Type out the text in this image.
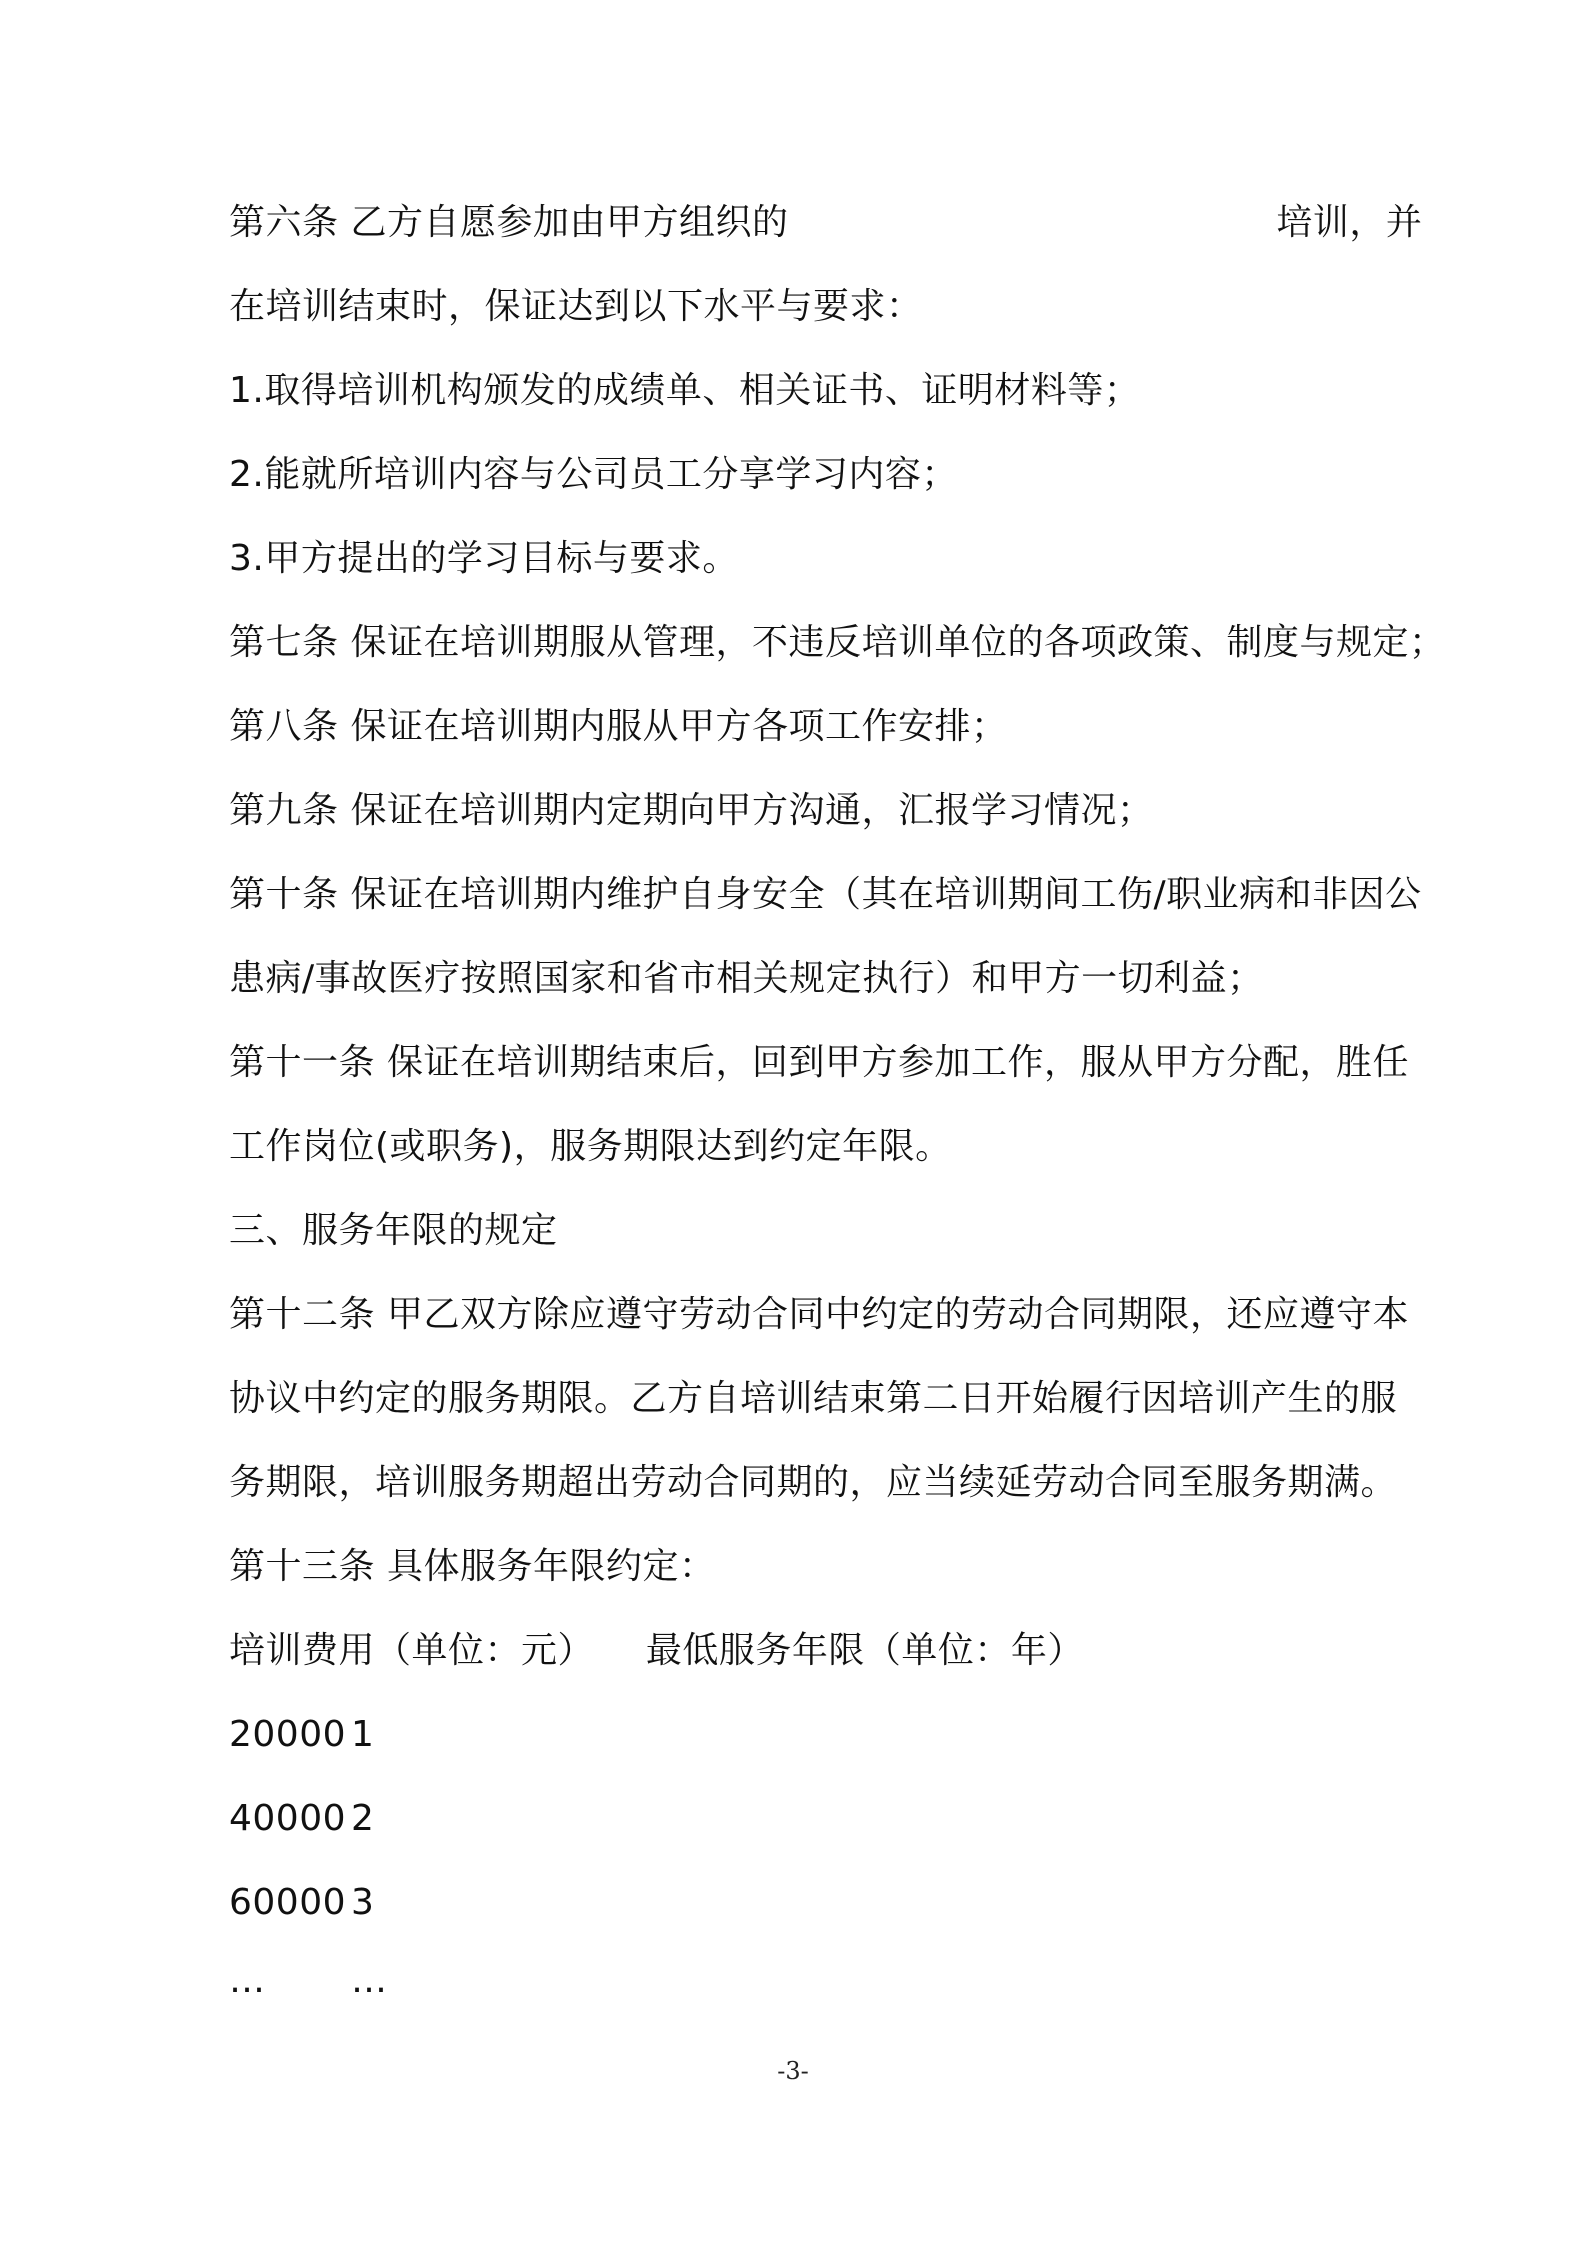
第六条 乙方自愿参加由甲方组织的	培训，并
在培训结束时，保证达到以下水平与要求：
1.取得培训机构颁发的成绩单、相关证书、证明材料等；
2.能就所培训内容与公司员工分享学习内容；
3.甲方提出的学习目标与要求。
第七条 保证在培训期服从管理，不违反培训单位的各项政策、制度与规定；
第八条 保证在培训期内服从甲方各项工作安排；
第九条 保证在培训期内定期向甲方沟通，汇报学习情况；
第十条 保证在培训期内维护自身安全（其在培训期间工伤/职业病和非因公
患病/事故医疗按照国家和省市相关规定执行）和甲方一切利益；
第十一条 保证在培训期结束后，回到甲方参加工作，服从甲方分配，胜任
工作岗位(或职务)，服务期限达到约定年限。
三、服务年限的规定
第十二条 甲乙双方除应遵守劳动合同中约定的劳动合同期限，还应遵守本
协议中约定的服务期限。乙方自培训结束第二日开始履行因培训产生的服
务期限，培训服务期超出劳动合同期的，应当续延劳动合同至服务期满。
第十三条 具体服务年限约定：
培训费用（单位：元） 最低服务年限（单位：年）
20000 1
40000 2
60000 3
… …
-3-
